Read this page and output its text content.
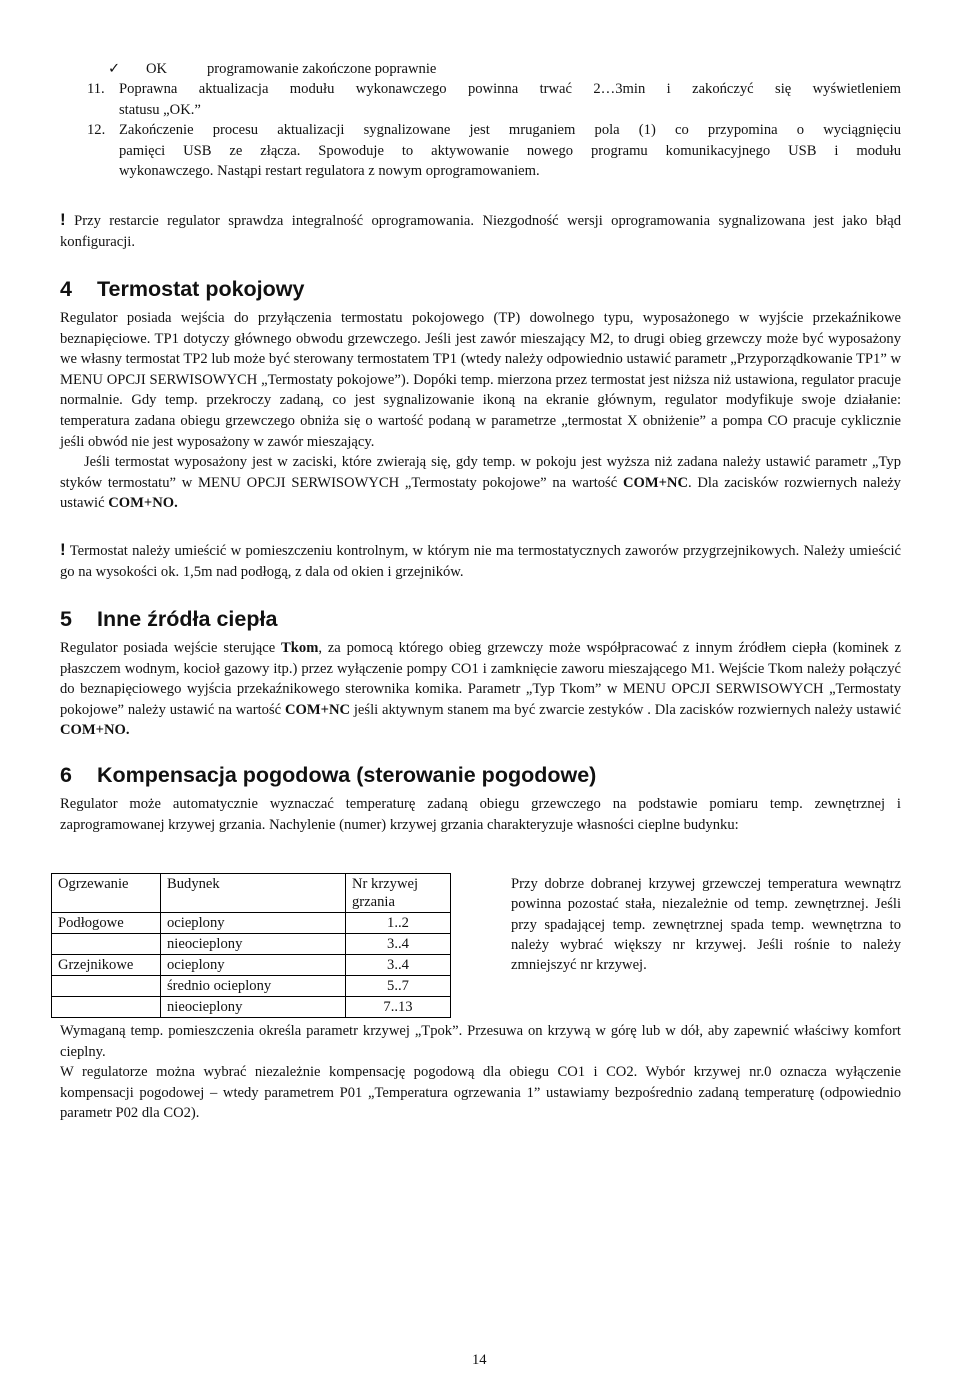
✓ OK	programowanie zakończone poprawnie
11. Poprawna aktualizacja modułu wykonawczego powinna trwać 2…3min i zakończyć się wyświetleniem

statusu „OK.”

12. Zakończenie procesu aktualizacji sygnalizowane jest mruganiem pola (1) co przypomina o wyciągnięciu

pamięci USB ze złącza. Spowoduje to aktywowanie nowego programu komunikacyjnego USB i modułu

wykonawczego. Nastąpi restart regulatora z nowym oprogramowaniem.

! Przy restarcie regulator sprawdza integralność oprogramowania. Niezgodność wersji oprogramowania sygnalizowana jest jako błąd konfiguracji.

4 Termostat pokojowy

Regulator posiada wejścia do przyłączenia termostatu pokojowego (TP) dowolnego typu, wyposażonego w wyjście przekaźnikowe beznapięciowe. TP1 dotyczy głównego obwodu grzewczego. Jeśli jest zawór mieszający M2, to drugi obieg grzewczy może być wyposażony we własny termostat TP2 lub może być sterowany termostatem TP1 (wtedy należy odpowiednio ustawić parametr „Przyporządkowanie TP1” w MENU OPCJI SERWISOWYCH „Termostaty pokojowe”). Dopóki temp. mierzona przez termostat jest niższa niż ustawiona, regulator pracuje normalnie. Gdy temp. przekroczy zadaną, co jest sygnalizowanie ikoną na ekranie głównym, regulator modyfikuje swoje działanie: temperatura zadana obiegu grzewczego obniża się o wartość podaną w parametrze „termostat X obniżenie” a pompa CO pracuje cyklicznie jeśli obwód nie jest wyposażony w zawór mieszający.

Jeśli termostat wyposażony jest w zaciski, które zwierają się, gdy temp. w pokoju jest wyższa niż zadana należy ustawić parametr „Typ styków termostatu” w MENU OPCJI SERWISOWYCH „Termostaty pokojowe” na wartość COM+NC. Dla zacisków rozwiernych należy ustawić COM+NO.

! Termostat należy umieścić w pomieszczeniu kontrolnym, w którym nie ma termostatycznych zaworów przygrzejnikowych. Należy umieścić go na wysokości ok. 1,5m nad podłogą, z dala od okien i grzejników.

5 Inne źródła ciepła

Regulator posiada wejście sterujące Tkom, za pomocą którego obieg grzewczy może współpracować z innym źródłem ciepła (kominek z płaszczem wodnym, kocioł gazowy itp.) przez wyłączenie pompy CO1 i zamknięcie zaworu mieszającego M1. Wejście Tkom należy połączyć do beznapięciowego wyjścia przekaźnikowego sterownika komika. Parametr „Typ Tkom” w MENU OPCJI SERWISOWYCH „Termostaty pokojowe” należy ustawić na wartość COM+NC jeśli aktywnym stanem ma być zwarcie zestyków . Dla zacisków rozwiernych należy ustawić COM+NO.

6 Kompensacja pogodowa (sterowanie pogodowe)

Regulator może automatycznie wyznaczać temperaturę zadaną obiegu grzewczego na podstawie pomiaru temp. zewnętrznej i zaprogramowanej krzywej grzania. Nachylenie (numer) krzywej grzania charakteryzuje własności cieplne budynku:

Ogrzewanie	Budynek	Nr krzywej grzania
Podłogowe	ocieplony	1..2
	nieocieplony	3..4
Grzejnikowe	ocieplony	3..4
	średnio ocieplony	5..7
	nieocieplony	7..13

Przy dobrze dobranej krzywej grzewczej temperatura wewnątrz powinna pozostać stała, niezależnie od temp. zewnętrznej. Jeśli przy spadającej temp. zewnętrznej spada temp. wewnętrzna to należy wybrać większy nr krzywej. Jeśli rośnie to należy zmniejszyć nr krzywej.

Wymaganą temp. pomieszczenia określa parametr krzywej „Tpok”. Przesuwa on krzywą w górę lub w dół, aby zapewnić właściwy komfort cieplny.

W regulatorze można wybrać niezależnie kompensację pogodową dla obiegu CO1 i CO2. Wybór krzywej nr.0 oznacza wyłączenie kompensacji pogodowej – wtedy parametrem P01 „Temperatura ogrzewania 1” ustawiamy bezpośrednio zadaną temperaturę (odpowiednio parametr P02 dla CO2).

14
